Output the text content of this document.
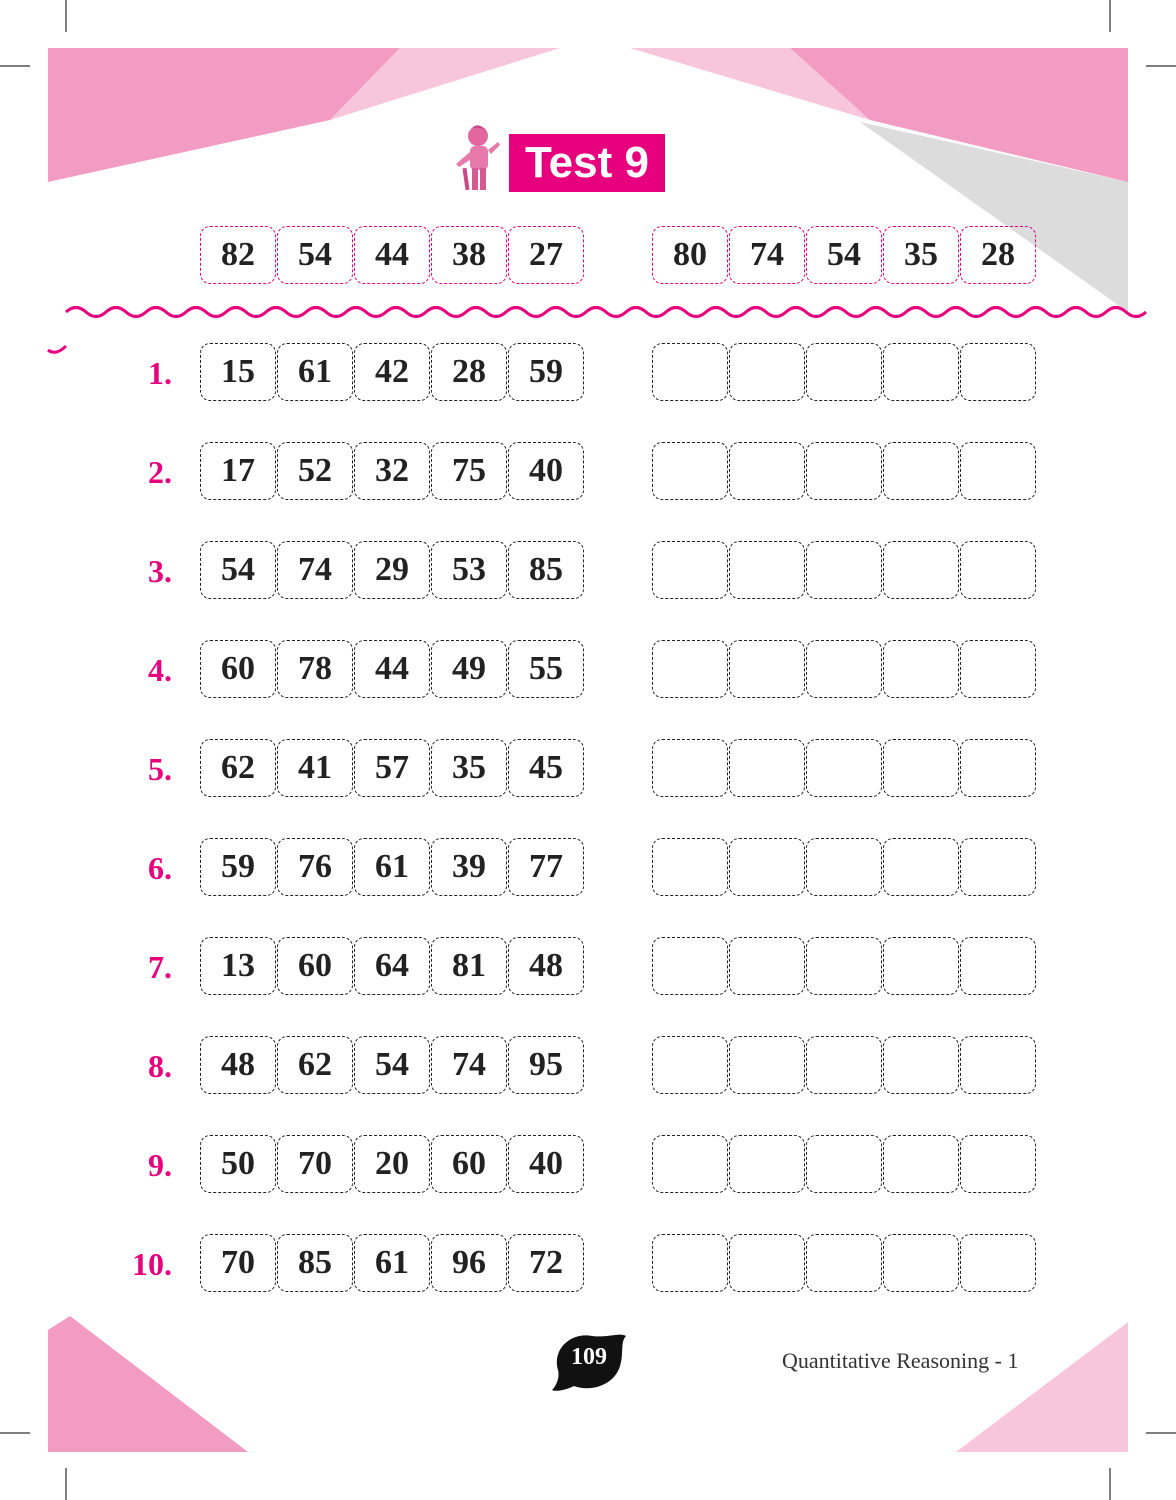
Test 9
82	54	44	38	27	80	74	54	35	28
1.	15	61	42	28	59
2.	17	52	32	75	40
3.	54	74	29	53	85
4.	60	78	44	49	55
5.	62	41	57	35	45
6.	59	76	61	39	77
7.	13	60	64	81	48
8.	48	62	54	74	95
9.	50	70	20	60	40
10.	70	85	61	96	72
109	Quantitative Reasoning - 1
